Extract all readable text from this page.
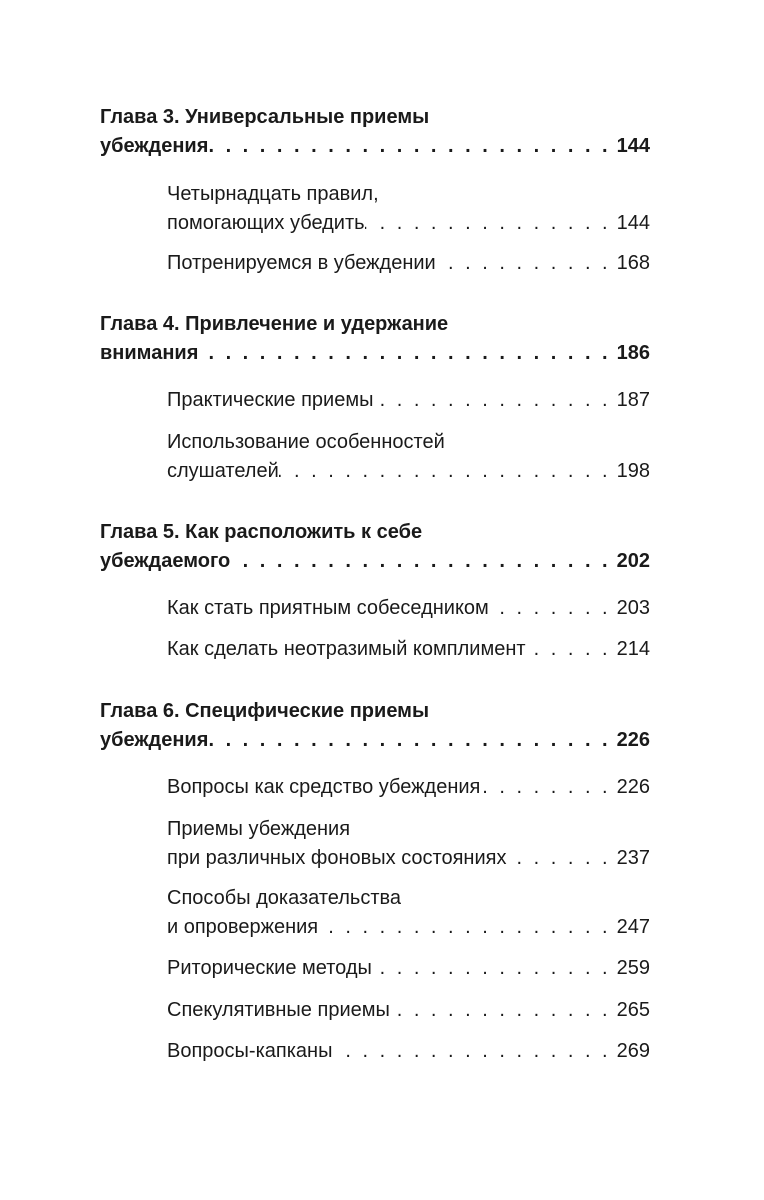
Глава 3. Универсальные приемы
убеждения . . .	144
Четырнадцать правил,
помогающих убедить . . .	144
Потренируемся в убеждении . . .	168
Глава 4. Привлечение и удержание
внимания . . .	186
Практические приемы . . .	187
Использование особенностей
слушателей . . .	198
Глава 5. Как расположить к себе
убеждаемого . . .	202
Как стать приятным собеседником . . .	203
Как сделать неотразимый комплимент . . .	214
Глава 6. Специфические приемы
убеждения . . .	226
Вопросы как средство убеждения . . .	226
Приемы убеждения
при различных фоновых состояниях . . .	237
Способы доказательства
и опровержения . . .	247
Риторические методы . . .	259
Спекулятивные приемы . . .	265
Вопросы-капканы . . .	269
